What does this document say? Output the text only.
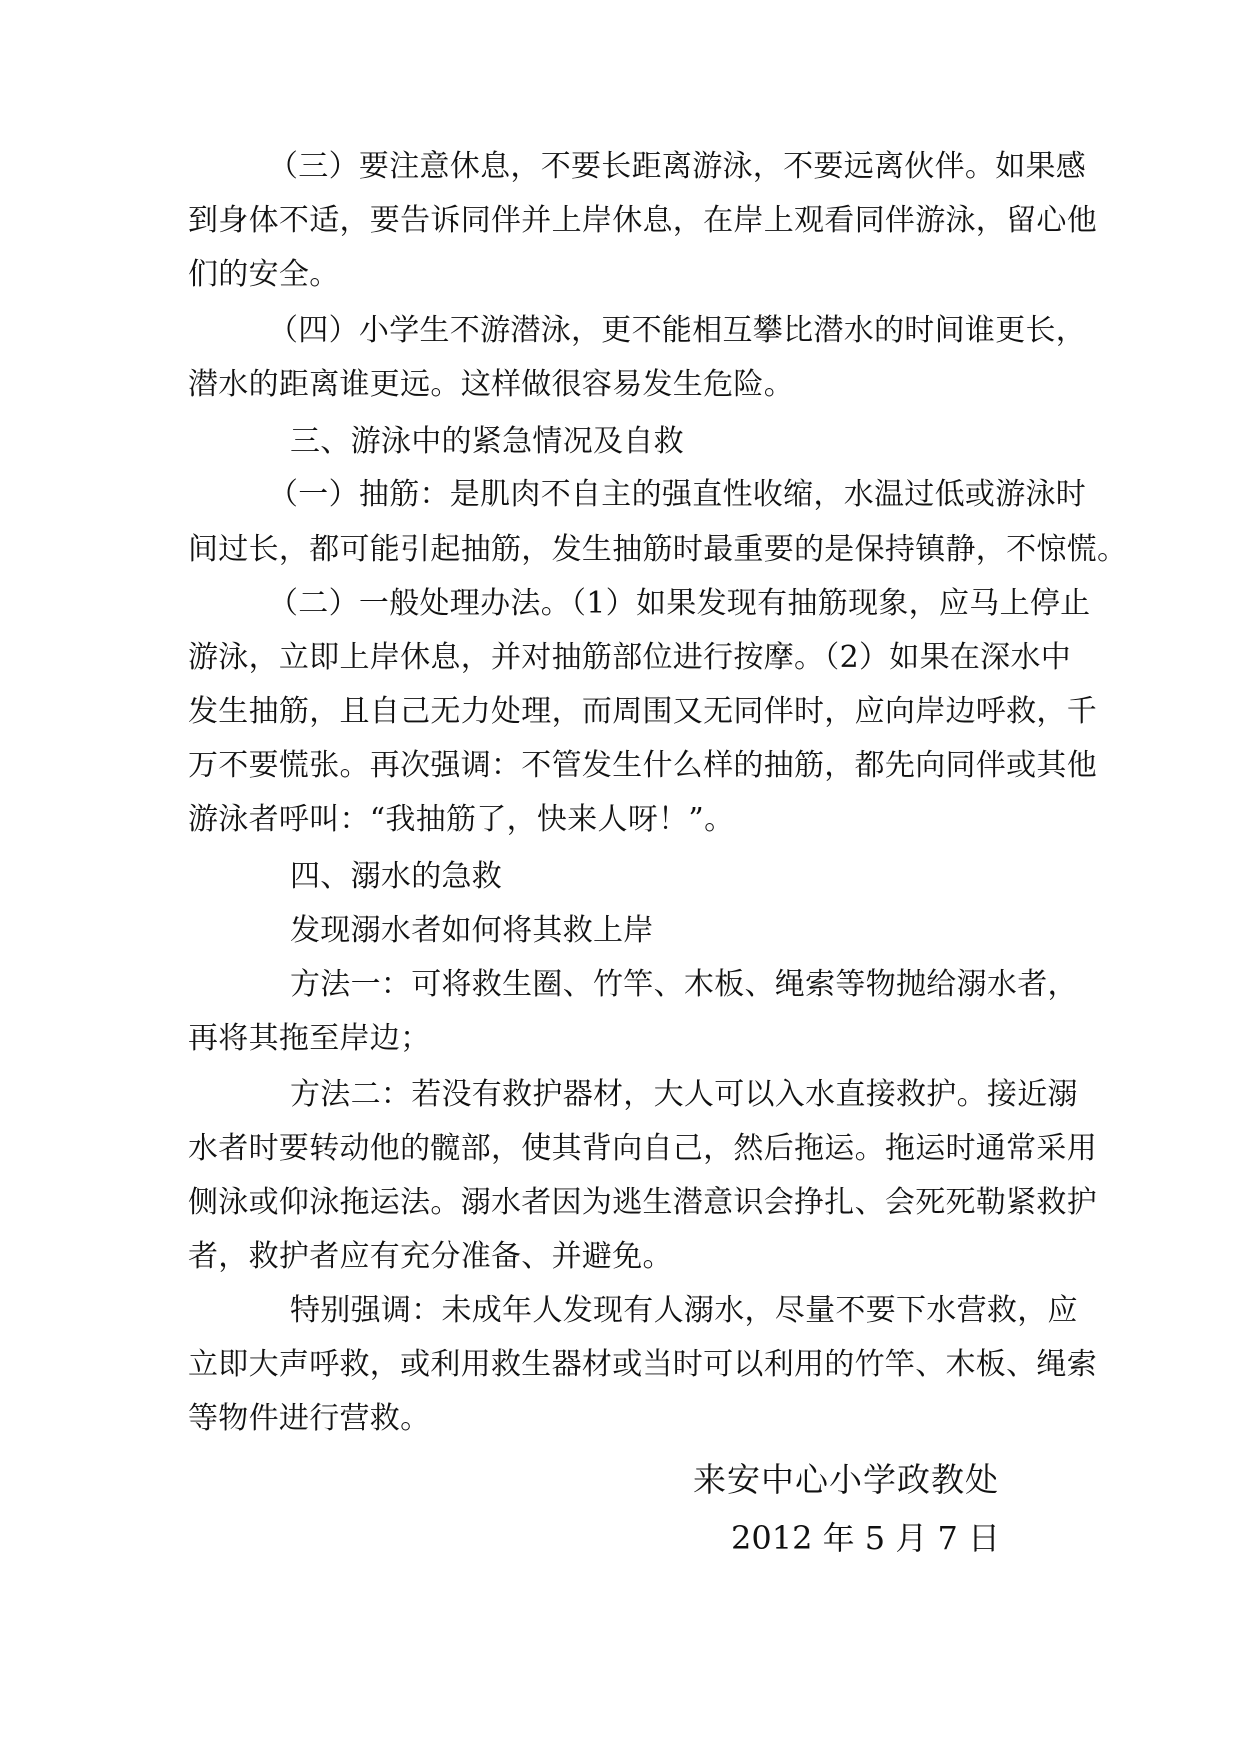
（三）要注意休息，不要长距离游泳，不要远离伙伴。如果感
到身体不适，要告诉同伴并上岸休息，在岸上观看同伴游泳，留心他
们的安全。
（四）小学生不游潜泳，更不能相互攀比潜水的时间谁更长，
潜水的距离谁更远。这样做很容易发生危险。
三、游泳中的紧急情况及自救
（一）抽筋：是肌肉不自主的强直性收缩，水温过低或游泳时
间过长，都可能引起抽筋，发生抽筋时最重要的是保持镇静，不惊慌。
（二）一般处理办法。（1）如果发现有抽筋现象，应马上停止
游泳，立即上岸休息，并对抽筋部位进行按摩。（2）如果在深水中
发生抽筋，且自己无力处理，而周围又无同伴时，应向岸边呼救，千
万不要慌张。再次强调：不管发生什么样的抽筋，都先向同伴或其他
游泳者呼叫：“我抽筋了，快来人呀！”。
四、溺水的急救
发现溺水者如何将其救上岸
方法一：可将救生圈、竹竿、木板、绳索等物抛给溺水者，
再将其拖至岸边；
方法二：若没有救护器材，大人可以入水直接救护。接近溺
水者时要转动他的髋部，使其背向自己，然后拖运。拖运时通常采用
侧泳或仰泳拖运法。溺水者因为逃生潜意识会挣扎、会死死勒紧救护
者，救护者应有充分准备、并避免。
特别强调：未成年人发现有人溺水，尽量不要下水营救，应
立即大声呼救，或利用救生器材或当时可以利用的竹竿、木板、绳索
等物件进行营救。
来安中心小学政教处
2012 年 5 月 7 日
